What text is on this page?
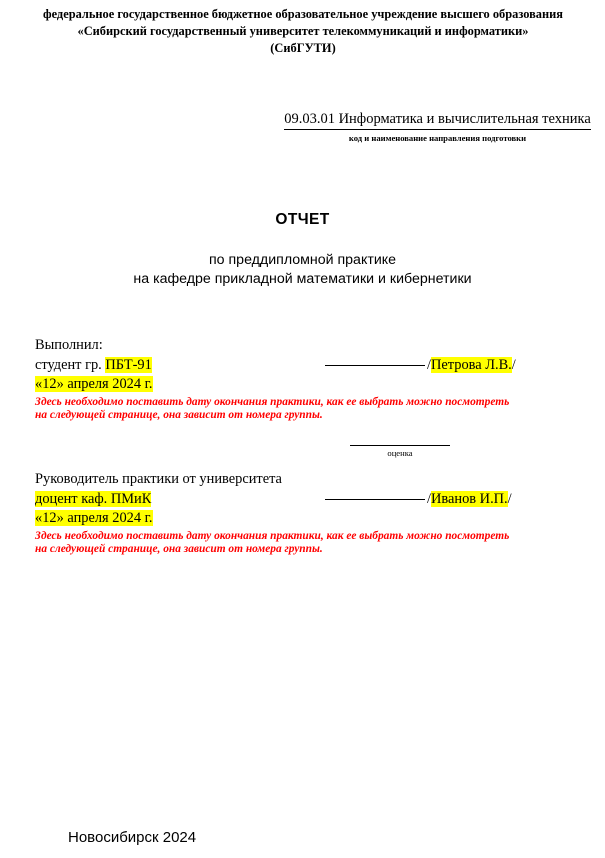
федеральное государственное бюджетное образовательное учреждение высшего образования
«Сибирский государственный университет телекоммуникаций и информатики»
(СибГУТИ)
09.03.01 Информатика и вычислительная техника
код и наименование направления подготовки
ОТЧЕТ
по преддипломной практике
на кафедре прикладной математики и кибернетики
Выполнил:
студент гр. ПБТ-91	/Петрова Л.В./
«12» апреля 2024 г.
Здесь необходимо поставить дату окончания практики, как ее выбрать можно посмотреть
на следующей странице, она зависит от номера группы.
оценка
Руководитель практики от университета
доцент каф. ПМиК	/Иванов И.П./
«12» апреля 2024 г.
Здесь необходимо поставить дату окончания практики, как ее выбрать можно посмотреть
на следующей странице, она зависит от номера группы.
Новосибирск 2024
